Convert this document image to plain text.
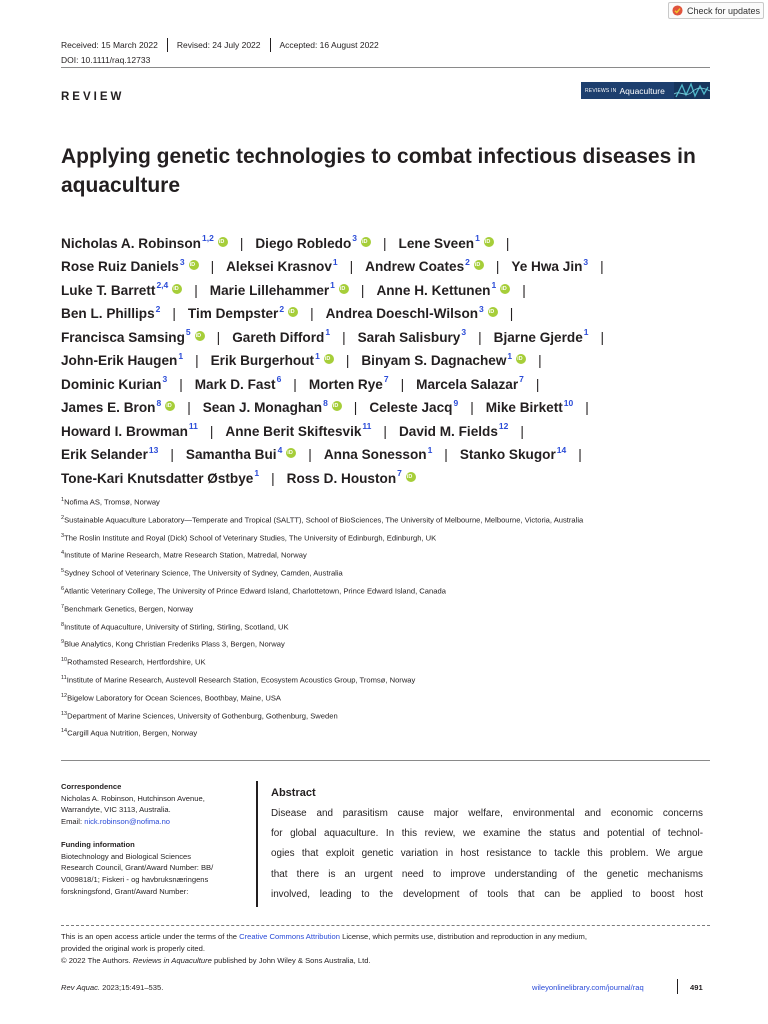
Check for updates
Received: 15 March 2022 Revised: 24 July 2022 Accepted: 16 August 2022
DOI: 10.1111/raq.12733
REVIEW
REVIEWS IN Aquaculture
Applying genetic technologies to combat infectious diseases in
aquaculture
Nicholas A. Robinson$^{1,2}$ iD | Diego Robledo$^3$ iD | Lene Sveen$^1$ iD |
Rose Ruiz Daniels$^3$ iD | Aleksei Krasnov$^1$ | Andrew Coates$^2$ iD | Ye Hwa Jin$^3$ |
Luke T. Barrett$^{2,4}$ iD | Marie Lillehammer$^1$ iD | Anne H. Kettunen$^1$ iD |
Ben L. Phillips$^2$ | Tim Dempster$^2$ iD | Andrea Doeschl-Wilson$^3$ iD |
Francisca Samsing$^5$ iD | Gareth Difford$^1$ | Sarah Salisbury$^3$ | Bjarne Gjerde$^1$ |
John-Erik Haugen$^1$ | Erik Burgerhout$^1$ iD | Binyam S. Dagnachew$^1$ iD |
Dominic Kurian$^3$ | Mark D. Fast$^6$ | Morten Rye$^7$ | Marcela Salazar$^7$ |
James E. Bron$^8$ iD | Sean J. Monaghan$^8$ iD | Celeste Jacq$^9$ | Mike Birkett$^{10}$ |
Howard I. Browman$^{11}$ | Anne Berit Skiftesvik$^{11}$ | David M. Fields$^{12}$ |
Erik Selander$^{13}$ | Samantha Bui$^4$ iD | Anna Sonesson$^1$ | Stanko Skugor$^{14}$ |
Tone-Kari Knutsdatter Østbye$^1$ | Ross D. Houston$^7$iD
$^1$Nofima AS, Tromsø, Norway
$^2$Sustainable Aquaculture Laboratory—Temperate and Tropical (SALTT), School of BioSciences, The University of Melbourne, Melbourne, Victoria, Australia
$^3$The Roslin Institute and Royal (Dick) School of Veterinary Studies, The University of Edinburgh, Edinburgh, UK
$^4$Institute of Marine Research, Matre Research Station, Matredal, Norway
$^5$Sydney School of Veterinary Science, The University of Sydney, Camden, Australia
$^6$Atlantic Veterinary College, The University of Prince Edward Island, Charlottetown, Prince Edward Island, Canada
$^7$Benchmark Genetics, Bergen, Norway
$^8$Institute of Aquaculture, University of Stirling, Stirling, Scotland, UK
$^9$Blue Analytics, Kong Christian Frederiks Plass 3, Bergen, Norway
$^{10}$Rothamsted Research, Hertfordshire, UK
$^{11}$Institute of Marine Research, Austevoll Research Station, Ecosystem Acoustics Group, Tromsø, Norway
$^{12}$Bigelow Laboratory for Ocean Sciences, Boothbay, Maine, USA
$^{13}$Department of Marine Sciences, University of Gothenburg, Gothenburg, Sweden
$^{14}$Cargill Aqua Nutrition, Bergen, Norway
Correspondence
Nicholas A. Robinson, Hutchinson Avenue,
Warrandyte, VIC 3113, Australia.
Email: nick.robinson@nofima.no
Funding information
Biotechnology and Biological Sciences
Research Council, Grant/Award Number: BB/
V009818/1; Fiskeri - og havbruksnæringens
forskningsfond, Grant/Award Number:
Abstract
Disease and parasitism cause major welfare, environmental and economic concerns
for global aquaculture. In this review, we examine the status and potential of technol-
ogies that exploit genetic variation in host resistance to tackle this problem. We argue
that there is an urgent need to improve understanding of the genetic mechanisms
involved, leading to the development of tools that can be applied to boost host
This is an open access article under the terms of the Creative Commons Attribution License, which permits use, distribution and reproduction in any medium,
provided the original work is properly cited.
© 2022 The Authors. Reviews in Aquaculture published by John Wiley & Sons Australia, Ltd.
Rev Aquac. 2023;15:491–535.	wileyonlinelibrary.com/journal/raq	491
